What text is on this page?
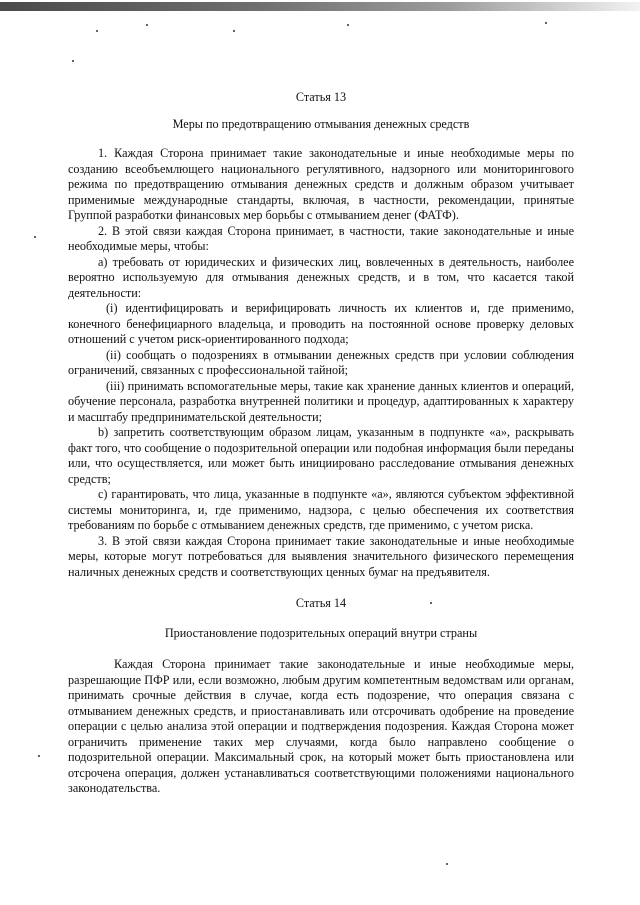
Статья 13
Меры по предотвращению отмывания денежных средств

1. Каждая Сторона принимает такие законодательные и иные необходимые меры по созданию всеобъемлющего национального регулятивного, надзорного или мониторингового режима по предотвращению отмывания денежных средств и должным образом учитывает применимые международные стандарты, включая, в частности, рекомендации, принятые Группой разработки финансовых мер борьбы с отмыванием денег (ФАТФ).

2. В этой связи каждая Сторона принимает, в частности, такие законодательные и иные необходимые меры, чтобы:

a) требовать от юридических и физических лиц, вовлеченных в деятельность, наиболее вероятно используемую для отмывания денежных средств, и в том, что касается такой деятельности:

(i) идентифицировать и верифицировать личность их клиентов и, где применимо, конечного бенефициарного владельца, и проводить на постоянной основе проверку деловых отношений с учетом риск-ориентированного подхода;

(ii) сообщать о подозрениях в отмывании денежных средств при условии соблюдения ограничений, связанных с профессиональной тайной;

(iii) принимать вспомогательные меры, такие как хранение данных клиентов и операций, обучение персонала, разработка внутренней политики и процедур, адаптированных к характеру и масштабу предпринимательской деятельности;

b) запретить соответствующим образом лицам, указанным в подпункте «а», раскрывать факт того, что сообщение о подозрительной операции или подобная информация были переданы или, что осуществляется, или может быть инициировано расследование отмывания денежных средств;

c) гарантировать, что лица, указанные в подпункте «а», являются субъектом эффективной системы мониторинга, и, где применимо, надзора, с целью обеспечения их соответствия требованиям по борьбе с отмыванием денежных средств, где применимо, с учетом риска.

3. В этой связи каждая Сторона принимает такие законодательные и иные необходимые меры, которые могут потребоваться для выявления значительного физического перемещения наличных денежных средств и соответствующих ценных бумаг на предъявителя.

Статья 14
Приостановление подозрительных операций внутри страны

Каждая Сторона принимает такие законодательные и иные необходимые меры, разрешающие ПФР или, если возможно, любым другим компетентным ведомствам или органам, принимать срочные действия в случае, когда есть подозрение, что операция связана с отмыванием денежных средств, и приостанавливать или отсрочивать одобрение на проведение операции с целью анализа этой операции и подтверждения подозрения. Каждая Сторона может ограничить применение таких мер случаями, когда было направлено сообщение о подозрительной операции. Максимальный срок, на который может быть приостановлена или отсрочена операция, должен устанавливаться соответствующими положениями национального законодательства.
